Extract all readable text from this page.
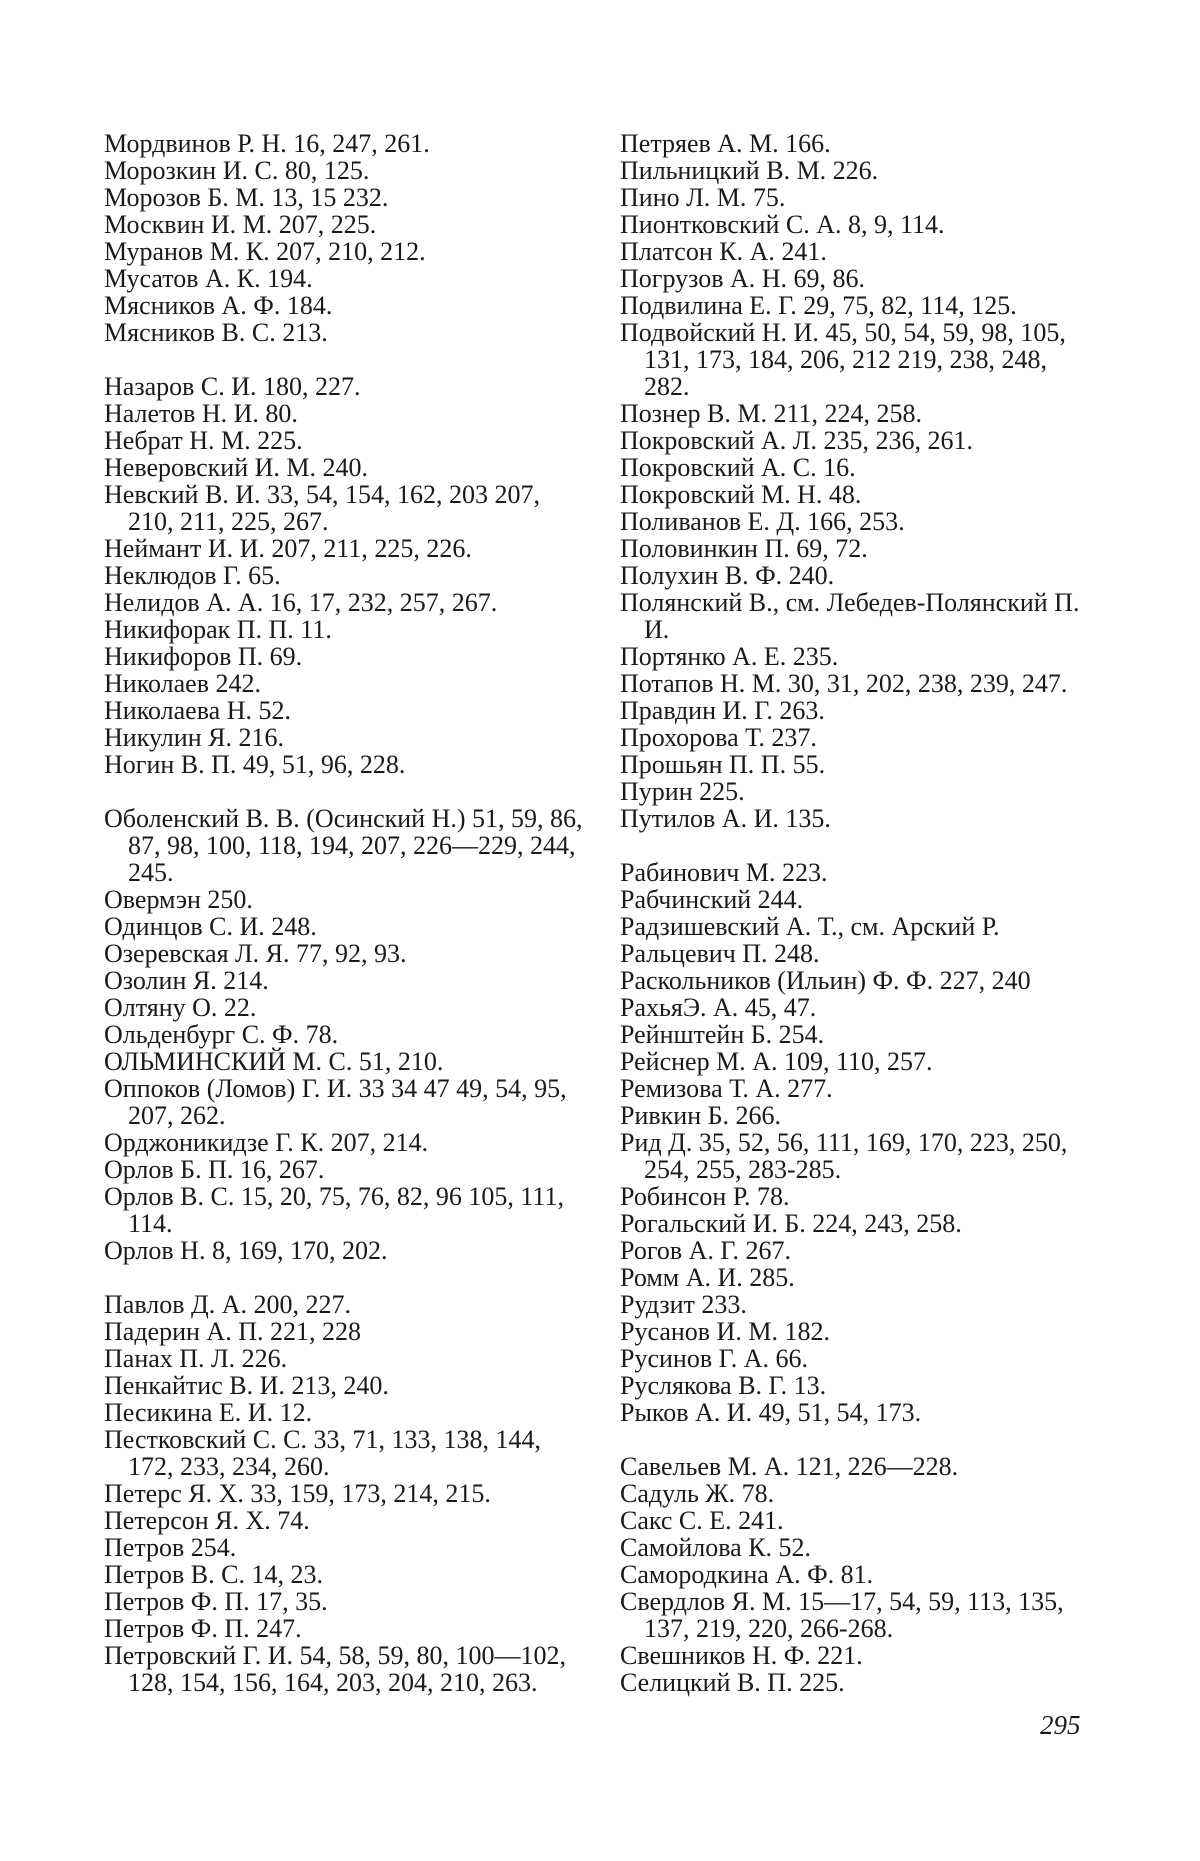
Мордвинов Р. Н. 16, 247, 261.
Морозкин И. С. 80, 125.
Морозов Б. М. 13, 15 232.
Москвин И. М. 207, 225.
Муранов М. К. 207, 210, 212.
Мусатов А. К. 194.
Мясников А. Ф. 184.
Мясников В. С. 213.
Назаров С. И. 180, 227.
Налетов Н. И. 80.
Небрат Н. М. 225.
Неверовский И. М. 240.
Невский В. И. 33, 54, 154, 162, 203 207, 210, 211, 225, 267.
Неймант И. И. 207, 211, 225, 226.
Неклюдов Г. 65.
Нелидов А. А. 16, 17, 232, 257, 267.
Никифорак П. П. 11.
Никифоров П. 69.
Николаев 242.
Николаева Н. 52.
Никулин Я. 216.
Ногин В. П. 49, 51, 96, 228.
Оболенский В. В. (Осинский Н.) 51, 59, 86, 87, 98, 100, 118, 194, 207, 226—229, 244, 245.
Овермэн 250.
Одинцов С. И. 248.
Озеревская Л. Я. 77, 92, 93.
Озолин Я. 214.
Олтяну О. 22.
Ольденбург С. Ф. 78.
ОЛЬМИНСКИЙ М. С. 51, 210.
Оппоков (Ломов) Г. И. 33 34 47 49, 54, 95, 207, 262.
Орджоникидзе Г. К. 207, 214.
Орлов Б. П. 16, 267.
Орлов В. С. 15, 20, 75, 76, 82, 96 105, 111, 114.
Орлов Н. 8, 169, 170, 202.
Павлов Д. А. 200, 227.
Падерин А. П. 221, 228
Панах П. Л. 226.
Пенкайтис В. И. 213, 240.
Песикина Е. И. 12.
Пестковский С. С. 33, 71, 133, 138, 144, 172, 233, 234, 260.
Петерс Я. Х. 33, 159, 173, 214, 215.
Петерсон Я. Х. 74.
Петров 254.
Петров В. С. 14, 23.
Петров Ф. П. 17, 35.
Петров Ф. П. 247.
Петровский Г. И. 54, 58, 59, 80, 100—102, 128, 154, 156, 164, 203, 204, 210, 263.
Петряев А. М. 166.
Пильницкий В. М. 226.
Пино Л. М. 75.
Пионтковский С. А. 8, 9, 114.
Платсон К. А. 241.
Погрузов А. Н. 69, 86.
Подвилина Е. Г. 29, 75, 82, 114, 125.
Подвойский Н. И. 45, 50, 54, 59, 98, 105, 131, 173, 184, 206, 212 219, 238, 248, 282.
Познер В. М. 211, 224, 258.
Покровский А. Л. 235, 236, 261.
Покровский А. С. 16.
Покровский М. Н. 48.
Поливанов Е. Д. 166, 253.
Половинкин П. 69, 72.
Полухин В. Ф. 240.
Полянский В., см. Лебедев-Полянский П. И.
Портянко А. Е. 235.
Потапов Н. М. 30, 31, 202, 238, 239, 247.
Правдин И. Г. 263.
Прохорова Т. 237.
Прошьян П. П. 55.
Пурин 225.
Путилов А. И. 135.
Рабинович М. 223.
Рабчинский 244.
Радзишевский А. Т., см. Арский Р.
Ральцевич П. 248.
Раскольников (Ильин) Ф. Ф. 227, 240
РахьяЭ. А. 45, 47.
Рейнштейн Б. 254.
Рейснер М. А. 109, 110, 257.
Ремизова Т. А. 277.
Ривкин Б. 266.
Рид Д. 35, 52, 56, 111, 169, 170, 223, 250, 254, 255, 283-285.
Робинсон Р. 78.
Рогальский И. Б. 224, 243, 258.
Рогов А. Г. 267.
Ромм А. И. 285.
Рудзит 233.
Русанов И. М. 182.
Русинов Г. А. 66.
Руслякова В. Г. 13.
Рыков А. И. 49, 51, 54, 173.
Савельев М. А. 121, 226—228.
Садуль Ж. 78.
Сакс С. Е. 241.
Самойлова К. 52.
Самородкина А. Ф. 81.
Свердлов Я. М. 15—17, 54, 59, 113, 135, 137, 219, 220, 266-268.
Свешников Н. Ф. 221.
Селицкий В. П. 225.
295
